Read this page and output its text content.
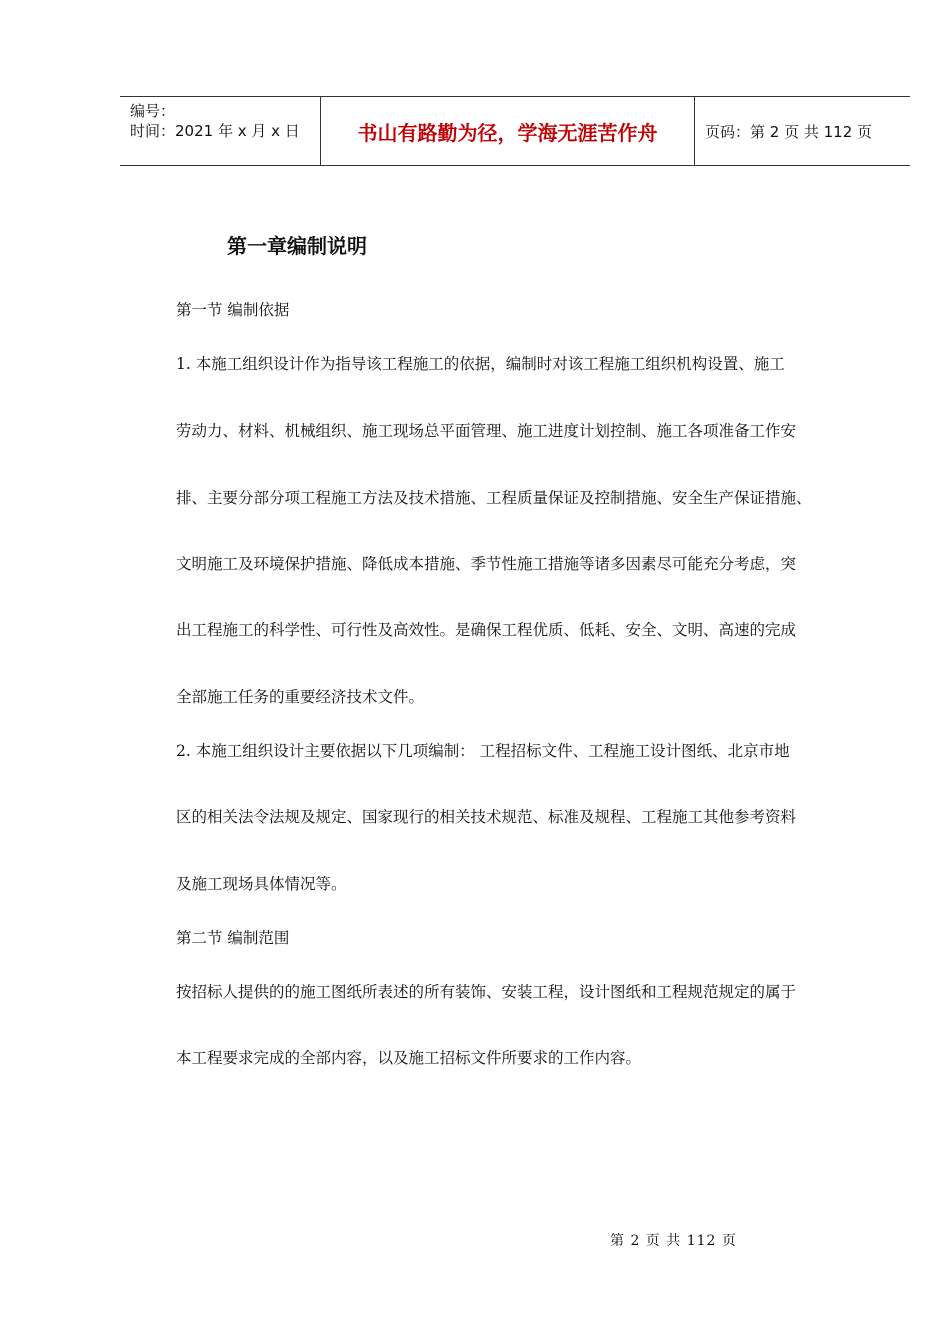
编号：
时间：2021 年 x 月 x 日	书山有路勤为径，学海无涯苦作舟	页码：第 2 页 共 112 页
第一章编制说明
第一节 编制依据
1. 本施工组织设计作为指导该工程施工的依据，编制时对该工程施工组织机构设置、施工
劳动力、材料、机械组织、施工现场总平面管理、施工进度计划控制、施工各项准备工作安
排、主要分部分项工程施工方法及技术措施、工程质量保证及控制措施、安全生产保证措施、
文明施工及环境保护措施、降低成本措施、季节性施工措施等诸多因素尽可能充分考虑，突
出工程施工的科学性、可行性及高效性。是确保工程优质、低耗、安全、文明、高速的完成
全部施工任务的重要经济技术文件。
2. 本施工组织设计主要依据以下几项编制： 工程招标文件、工程施工设计图纸、北京市地
区的相关法令法规及规定、国家现行的相关技术规范、标准及规程、工程施工其他参考资料
及施工现场具体情况等。
第二节 编制范围
按招标人提供的的施工图纸所表述的所有装饰、安装工程，设计图纸和工程规范规定的属于
本工程要求完成的全部内容，以及施工招标文件所要求的工作内容。
第 2 页 共 112 页
